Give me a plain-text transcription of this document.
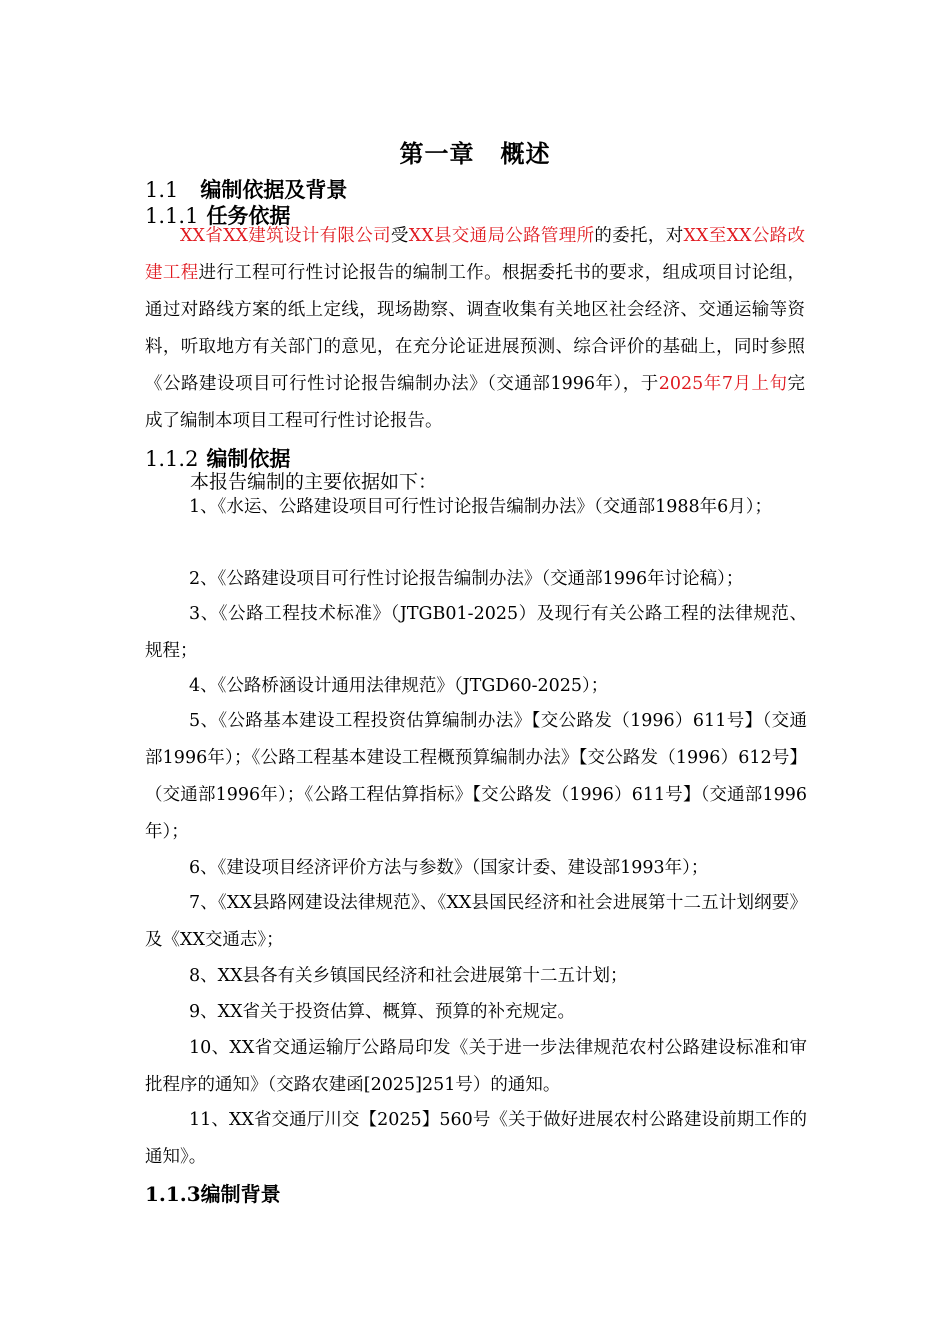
第一章 概述
1.1 编制依据及背景
1.1.1 任务依据
XX省XX建筑设计有限公司受XX县交通局公路管理所的委托，对XX至XX公路改建工程进行工程可行性讨论报告的编制工作。根据委托书的要求，组成项目讨论组，通过对路线方案的纸上定线，现场勘察、调查收集有关地区社会经济、交通运输等资料，听取地方有关部门的意见，在充分论证进展预测、综合评价的基础上，同时参照《公路建设项目可行性讨论报告编制办法》（交通部1996年），于2025年7月上旬完成了编制本项目工程可行性讨论报告。
1.1.2 编制依据
本报告编制的主要依据如下：
1、《水运、公路建设项目可行性讨论报告编制办法》（交通部1988年6月）；
2、《公路建设项目可行性讨论报告编制办法》（交通部1996年讨论稿）；
3、《公路工程技术标准》（JTGB01-2025）及现行有关公路工程的法律规范、规程；
4、《公路桥涵设计通用法律规范》（JTGD60-2025）；
5、《公路基本建设工程投资估算编制办法》【交公路发（1996）611号】（交通部1996年）；《公路工程基本建设工程概预算编制办法》【交公路发（1996）612号】（交通部1996年）；《公路工程估算指标》【交公路发（1996）611号】（交通部1996年）；
6、《建设项目经济评价方法与参数》（国家计委、建设部1993年）；
7、《XX县路网建设法律规范》、《XX县国民经济和社会进展第十二五计划纲要》及《XX交通志》；
8、XX县各有关乡镇国民经济和社会进展第十二五计划；
9、XX省关于投资估算、概算、预算的补充规定。
10、XX省交通运输厅公路局印发《关于进一步法律规范农村公路建设标准和审批程序的通知》（交路农建函[2025]251号）的通知。
11、XX省交通厅川交【2025】560号《关于做好进展农村公路建设前期工作的通知》。
1.1.3编制背景
